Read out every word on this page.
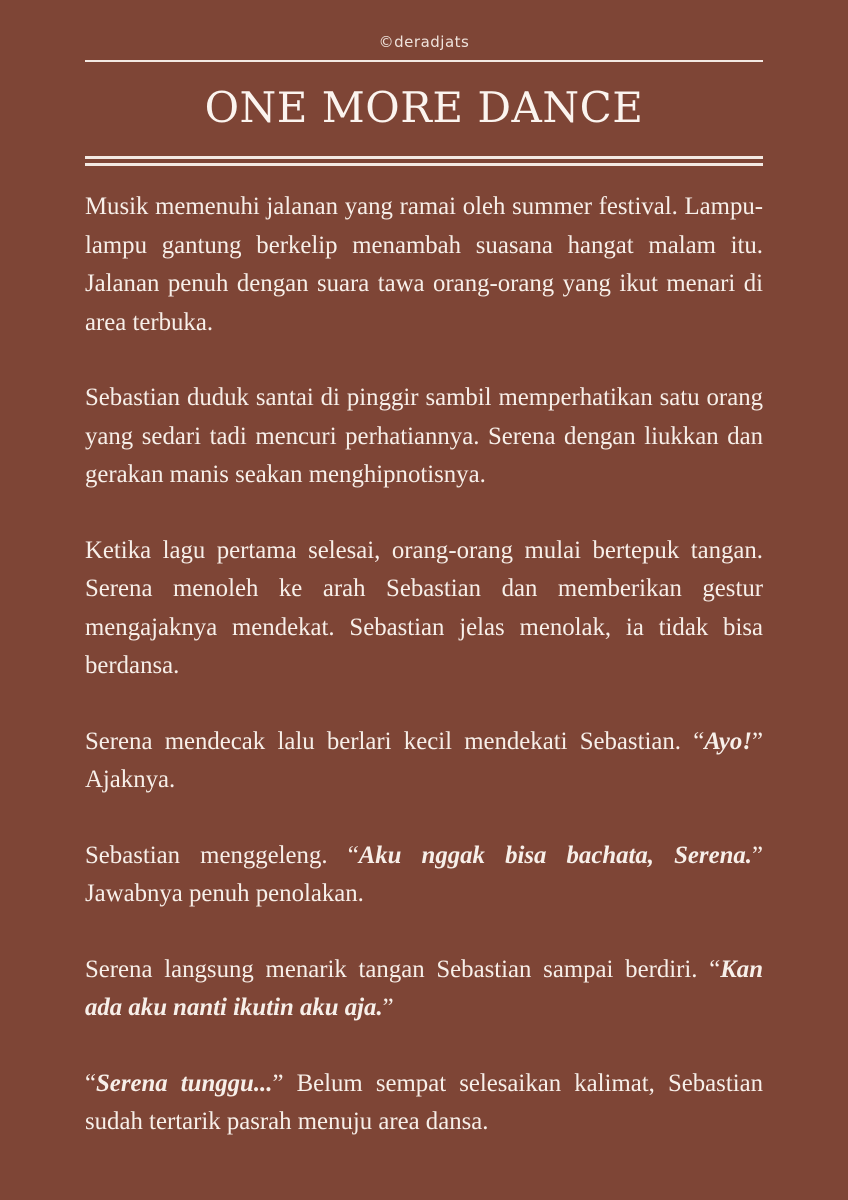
©deradjats
ONE MORE DANCE

Musik memenuhi jalanan yang ramai oleh summer festival. Lampu-lampu gantung berkelip menambah suasana hangat malam itu. Jalanan penuh dengan suara tawa orang-orang yang ikut menari di area terbuka.

Sebastian duduk santai di pinggir sambil memperhatikan satu orang yang sedari tadi mencuri perhatiannya. Serena dengan liukkan dan gerakan manis seakan menghipnotisnya.

Ketika lagu pertama selesai, orang-orang mulai bertepuk tangan. Serena menoleh ke arah Sebastian dan memberikan gestur mengajaknya mendekat. Sebastian jelas menolak, ia tidak bisa berdansa.

Serena mendecak lalu berlari kecil mendekati Sebastian. “Ayo!” Ajaknya.

Sebastian menggeleng. “Aku nggak bisa bachata, Serena.” Jawabnya penuh penolakan.

Serena langsung menarik tangan Sebastian sampai berdiri. “Kan ada aku nanti ikutin aku aja.”

“Serena tunggu...” Belum sempat selesaikan kalimat, Sebastian sudah tertarik pasrah menuju area dansa.
